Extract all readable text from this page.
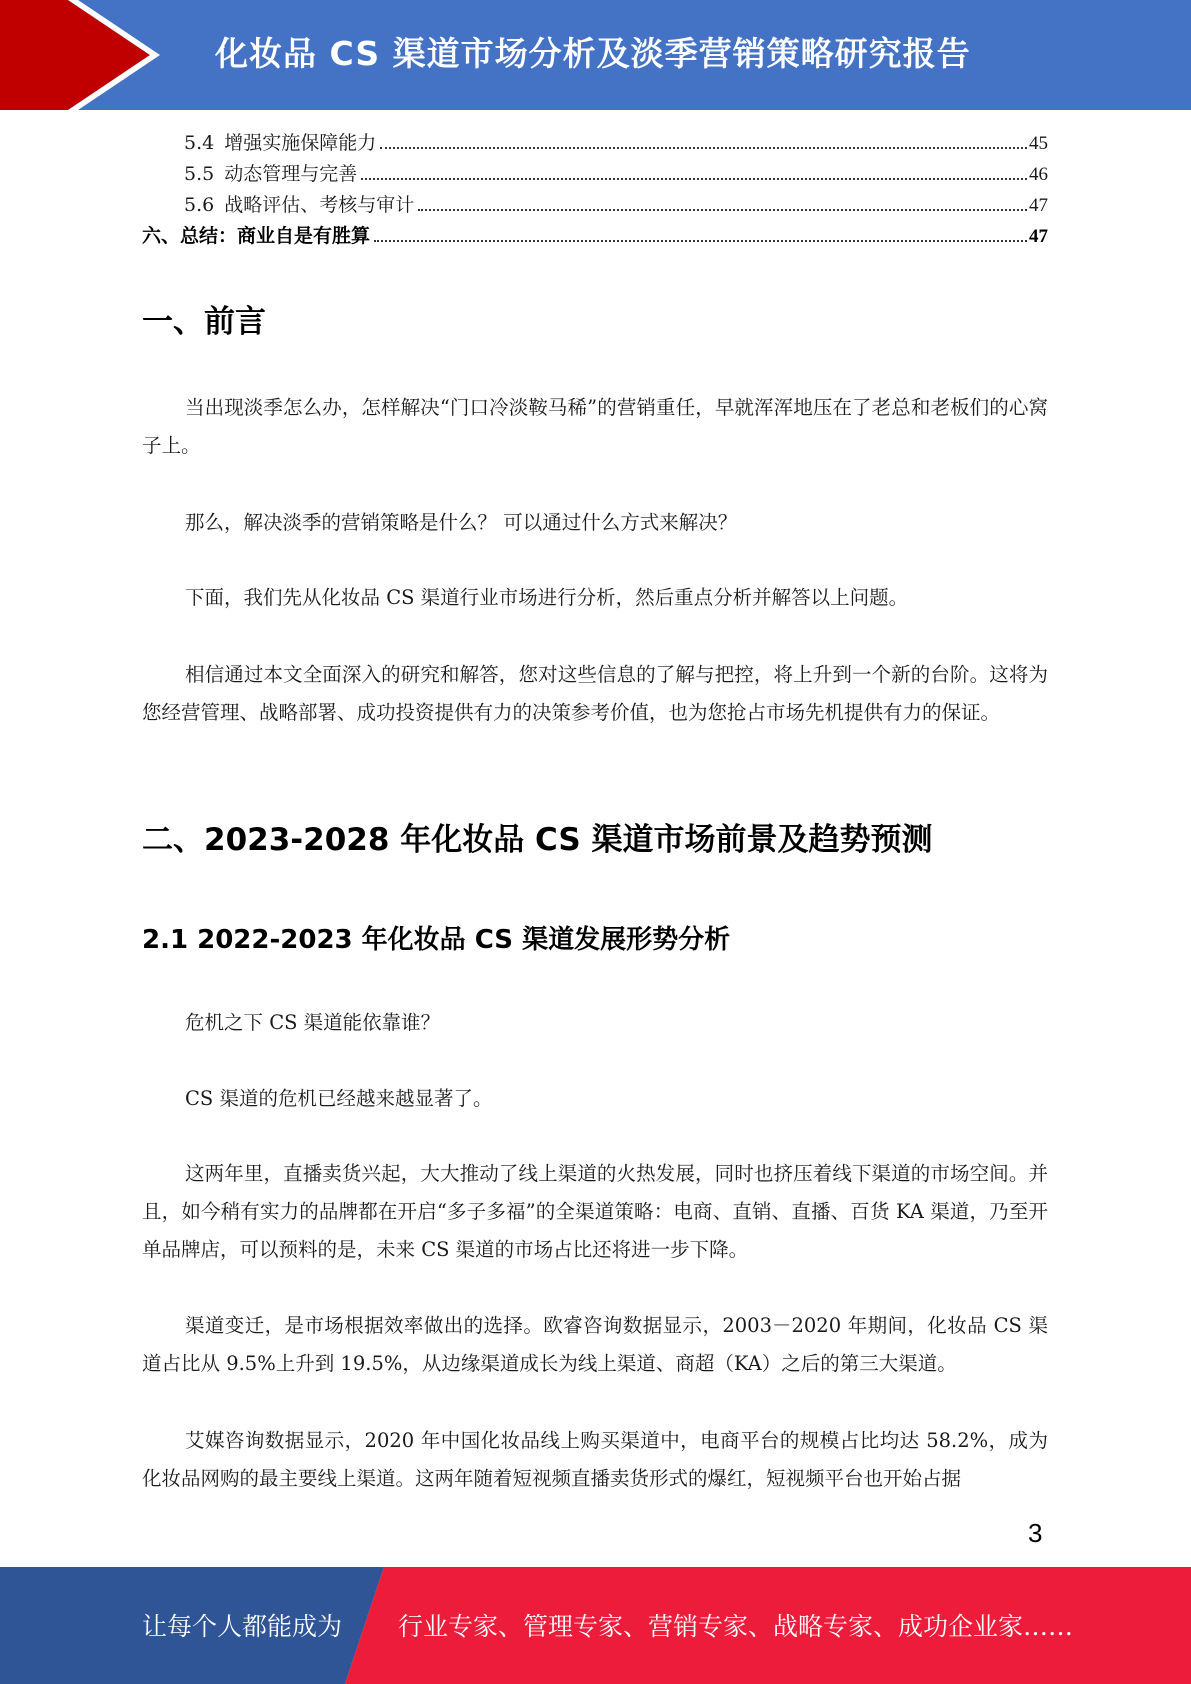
化妆品 CS 渠道市场分析及淡季营销策略研究报告
5.4 增强实施保障能力	45
5.5 动态管理与完善	46
5.6 战略评估、考核与审计	47
六、总结：商业自是有胜算	47
一、前言

当出现淡季怎么办，怎样解决“门口冷淡鞍马稀”的营销重任，早就浑浑地压在了老总和老板们的心窝子上。

那么，解决淡季的营销策略是什么？ 可以通过什么方式来解决？

下面，我们先从化妆品 CS 渠道行业市场进行分析，然后重点分析并解答以上问题。

相信通过本文全面深入的研究和解答，您对这些信息的了解与把控，将上升到一个新的台阶。这将为您经营管理、战略部署、成功投资提供有力的决策参考价值，也为您抢占市场先机提供有力的保证。

二、2023-2028 年化妆品 CS 渠道市场前景及趋势预测
2.1 2022-2023 年化妆品 CS 渠道发展形势分析

危机之下 CS 渠道能依靠谁？

CS 渠道的危机已经越来越显著了。

这两年里，直播卖货兴起，大大推动了线上渠道的火热发展，同时也挤压着线下渠道的市场空间。并且，如今稍有实力的品牌都在开启“多子多福”的全渠道策略：电商、直销、直播、百货 KA 渠道，乃至开单品牌店，可以预料的是，未来 CS 渠道的市场占比还将进一步下降。

渠道变迁，是市场根据效率做出的选择。欧睿咨询数据显示，2003－2020 年期间，化妆品 CS 渠道占比从 9.5%上升到 19.5%，从边缘渠道成长为线上渠道、商超（KA）之后的第三大渠道。

艾媒咨询数据显示，2020 年中国化妆品线上购买渠道中，电商平台的规模占比均达 58.2%，成为化妆品网购的最主要线上渠道。这两年随着短视频直播卖货形式的爆红，短视频平台也开始占据

3

让每个人都能成为 行业专家、管理专家、营销专家、战略专家、成功企业家……
